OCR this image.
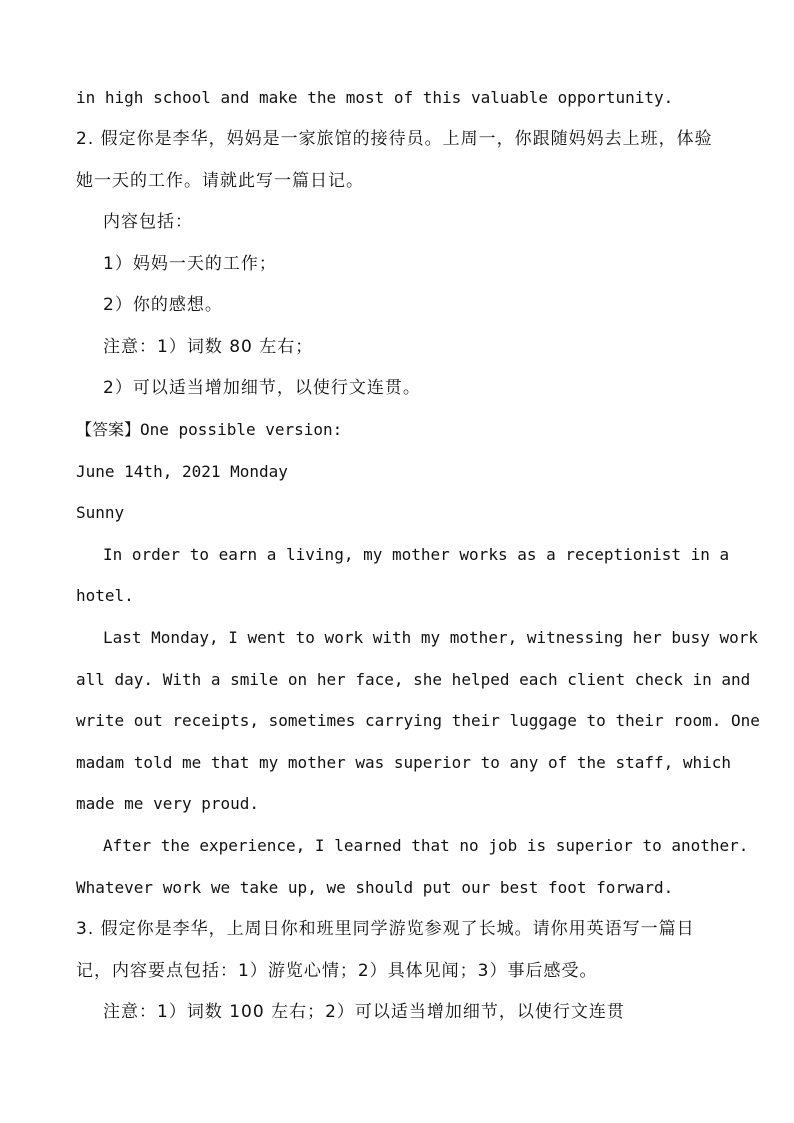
in high school and make the most of this valuable opportunity.
2. 假定你是李华，妈妈是一家旅馆的接待员。上周一，你跟随妈妈去上班，体验
她一天的工作。请就此写一篇日记。
内容包括：
1）妈妈一天的工作；
2）你的感想。
注意：1）词数 80 左右；
2）可以适当增加细节，以使行文连贯。
【答案】One possible version:
June 14th, 2021 Monday
Sunny
In order to earn a living, my mother works as a receptionist in a
hotel.
Last Monday, I went to work with my mother, witnessing her busy work
all day. With a smile on her face, she helped each client check in and
write out receipts, sometimes carrying their luggage to their room. One
madam told me that my mother was superior to any of the staff, which
made me very proud.
After the experience, I learned that no job is superior to another.
Whatever work we take up, we should put our best foot forward.
3. 假定你是李华，上周日你和班里同学游览参观了长城。请你用英语写一篇日
记，内容要点包括：1）游览心情；2）具体见闻；3）事后感受。
注意：1）词数 100 左右；2）可以适当增加细节，以使行文连贯
